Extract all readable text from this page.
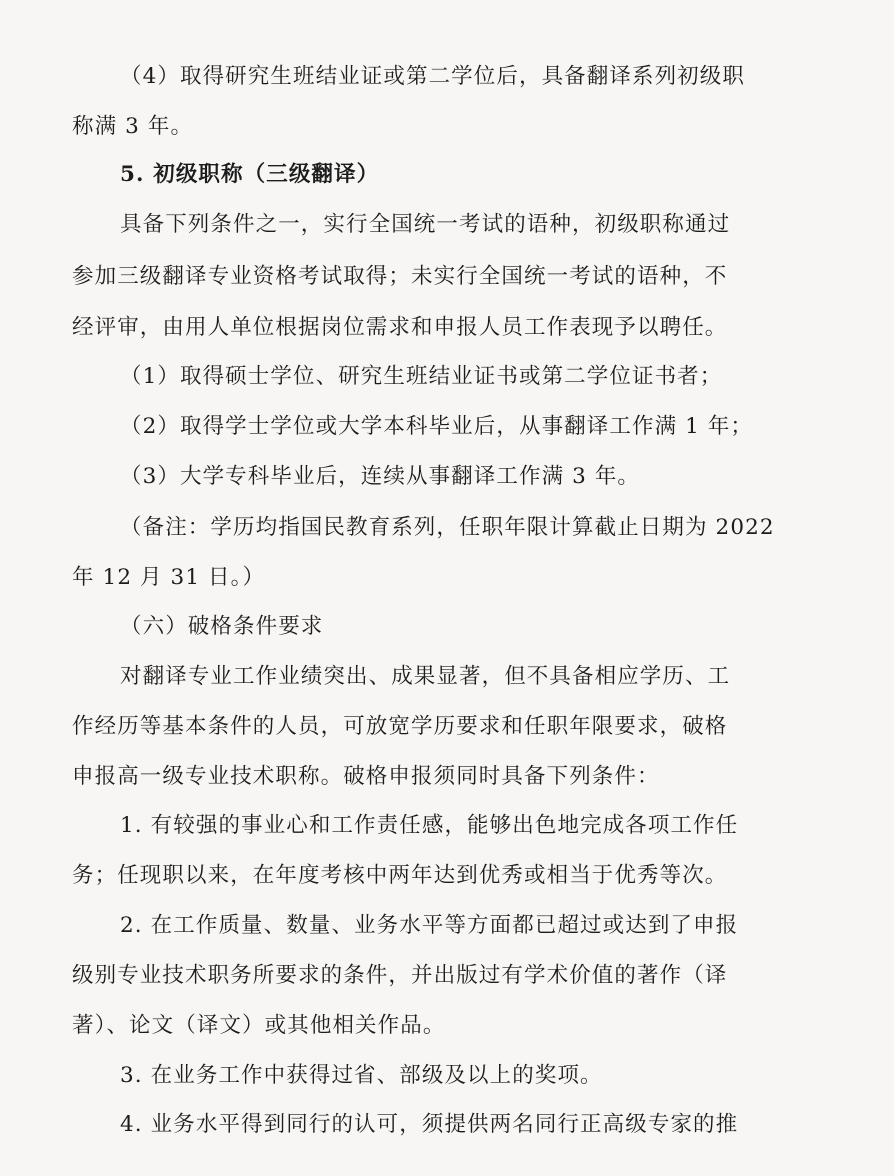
（4）取得研究生班结业证或第二学位后，具备翻译系列初级职
称满 3 年。
5. 初级职称（三级翻译）
具备下列条件之一，实行全国统一考试的语种，初级职称通过
参加三级翻译专业资格考试取得；未实行全国统一考试的语种，不
经评审，由用人单位根据岗位需求和申报人员工作表现予以聘任。
（1）取得硕士学位、研究生班结业证书或第二学位证书者；
（2）取得学士学位或大学本科毕业后，从事翻译工作满 1 年；
（3）大学专科毕业后，连续从事翻译工作满 3 年。
（备注：学历均指国民教育系列，任职年限计算截止日期为 2022
年 12 月 31 日。）
（六）破格条件要求
对翻译专业工作业绩突出、成果显著，但不具备相应学历、工
作经历等基本条件的人员，可放宽学历要求和任职年限要求，破格
申报高一级专业技术职称。破格申报须同时具备下列条件：
1. 有较强的事业心和工作责任感，能够出色地完成各项工作任
务；任现职以来，在年度考核中两年达到优秀或相当于优秀等次。
2. 在工作质量、数量、业务水平等方面都已超过或达到了申报
级别专业技术职务所要求的条件，并出版过有学术价值的著作（译
著）、论文（译文）或其他相关作品。
3. 在业务工作中获得过省、部级及以上的奖项。
4. 业务水平得到同行的认可，须提供两名同行正高级专家的推
